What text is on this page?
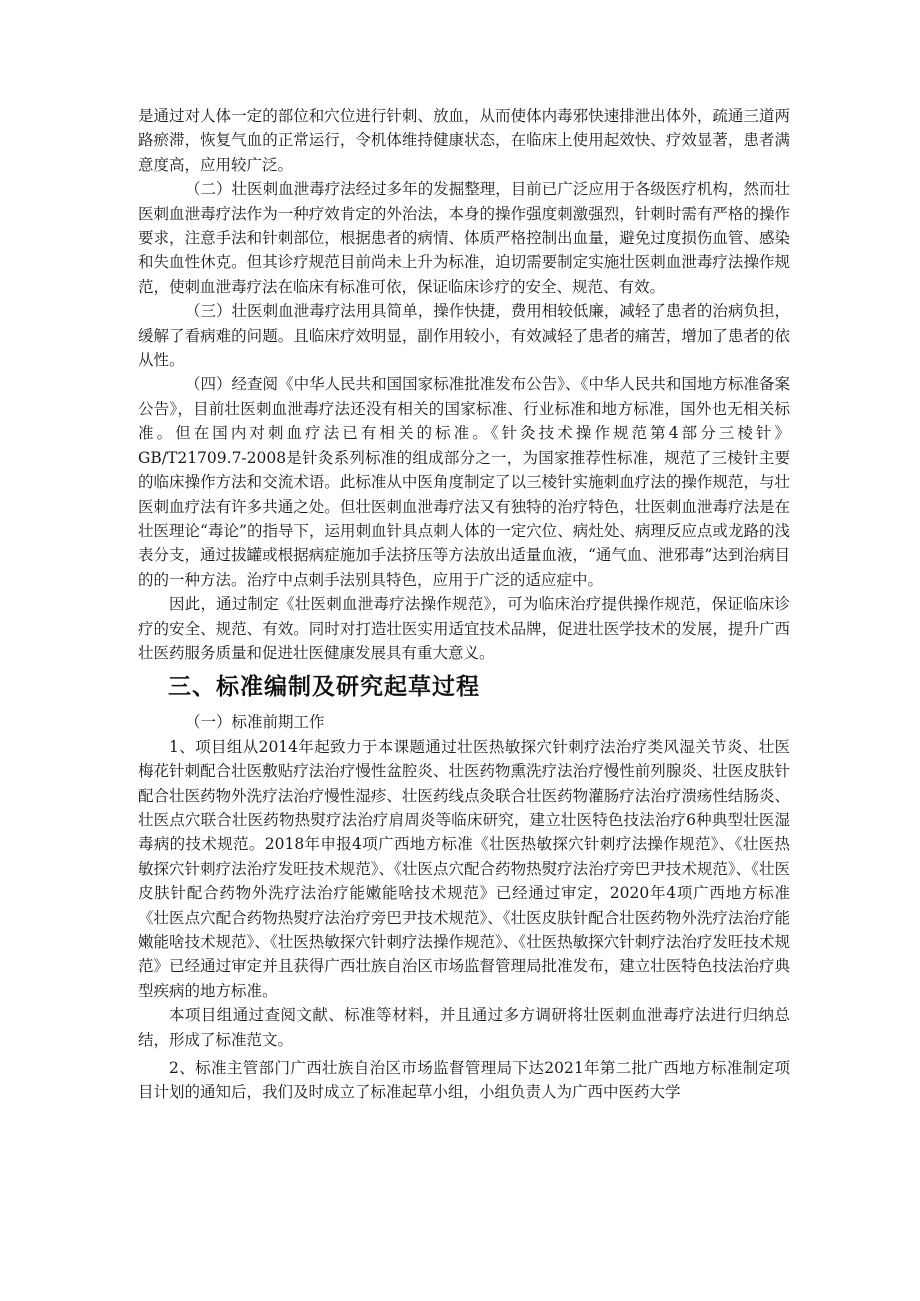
是通过对人体一定的部位和穴位进行针刺、放血，从而使体内毒邪快速排泄出体外，疏通三道两路瘀滞，恢复气血的正常运行，令机体维持健康状态，在临床上使用起效快、疗效显著，患者满意度高，应用较广泛。

（二）壮医刺血泄毒疗法经过多年的发掘整理，目前已广泛应用于各级医疗机构，然而壮医刺血泄毒疗法作为一种疗效肯定的外治法，本身的操作强度刺激强烈，针刺时需有严格的操作要求，注意手法和针刺部位，根据患者的病情、体质严格控制出血量，避免过度损伤血管、感染和失血性休克。但其诊疗规范目前尚未上升为标准，迫切需要制定实施壮医刺血泄毒疗法操作规范，使刺血泄毒疗法在临床有标准可依，保证临床诊疗的安全、规范、有效。

（三）壮医刺血泄毒疗法用具简单，操作快捷，费用相较低廉，减轻了患者的治病负担，缓解了看病难的问题。且临床疗效明显，副作用较小，有效减轻了患者的痛苦，增加了患者的依从性。

（四）经查阅《中华人民共和国国家标准批准发布公告》、《中华人民共和国地方标准备案公告》，目前壮医刺血泄毒疗法还没有相关的国家标准、行业标准和地方标准，国外也无相关标准。但在国内对刺血疗法已有相关的标准。《针灸技术操作规范第4部分三棱针》GB/T21709.7-2008是针灸系列标准的组成部分之一，为国家推荐性标准，规范了三棱针主要的临床操作方法和交流术语。此标准从中医角度制定了以三棱针实施刺血疗法的操作规范，与壮医刺血疗法有许多共通之处。但壮医刺血泄毒疗法又有独特的治疗特色，壮医刺血泄毒疗法是在壮医理论“毒论”的指导下，运用刺血针具点刺人体的一定穴位、病灶处、病理反应点或龙路的浅表分支，通过拔罐或根据病症施加手法挤压等方法放出适量血液，“通气血、泄邪毒”达到治病目的的一种方法。治疗中点刺手法别具特色，应用于广泛的适应症中。

因此，通过制定《壮医刺血泄毒疗法操作规范》，可为临床治疗提供操作规范，保证临床诊疗的安全、规范、有效。同时对打造壮医实用适宜技术品牌，促进壮医学技术的发展，提升广西壮医药服务质量和促进壮医健康发展具有重大意义。

三、标准编制及研究起草过程

（一）标准前期工作

1、项目组从2014年起致力于本课题通过壮医热敏探穴针刺疗法治疗类风湿关节炎、壮医梅花针刺配合壮医敷贴疗法治疗慢性盆腔炎、壮医药物熏洗疗法治疗慢性前列腺炎、壮医皮肤针配合壮医药物外洗疗法治疗慢性湿疹、壮医药线点灸联合壮医药物灌肠疗法治疗溃疡性结肠炎、壮医点穴联合壮医药物热熨疗法治疗肩周炎等临床研究，建立壮医特色技法治疗6种典型壮医湿毒病的技术规范。2018年申报4项广西地方标准《壮医热敏探穴针刺疗法操作规范》、《壮医热敏探穴针刺疗法治疗发旺技术规范》、《壮医点穴配合药物热熨疗法治疗旁巴尹技术规范》、《壮医皮肤针配合药物外洗疗法治疗能嫩能啥技术规范》已经通过审定，2020年4项广西地方标准《壮医点穴配合药物热熨疗法治疗旁巴尹技术规范》、《壮医皮肤针配合壮医药物外洗疗法治疗能嫩能啥技术规范》、《壮医热敏探穴针刺疗法操作规范》、《壮医热敏探穴针刺疗法治疗发旺技术规范》已经通过审定并且获得广西壮族自治区市场监督管理局批准发布，建立壮医特色技法治疗典型疾病的地方标准。

本项目组通过查阅文献、标准等材料，并且通过多方调研将壮医刺血泄毒疗法进行归纳总结，形成了标准范文。

2、标准主管部门广西壮族自治区市场监督管理局下达2021年第二批广西地方标准制定项目计划的通知后，我们及时成立了标准起草小组，小组负责人为广西中医药大学
